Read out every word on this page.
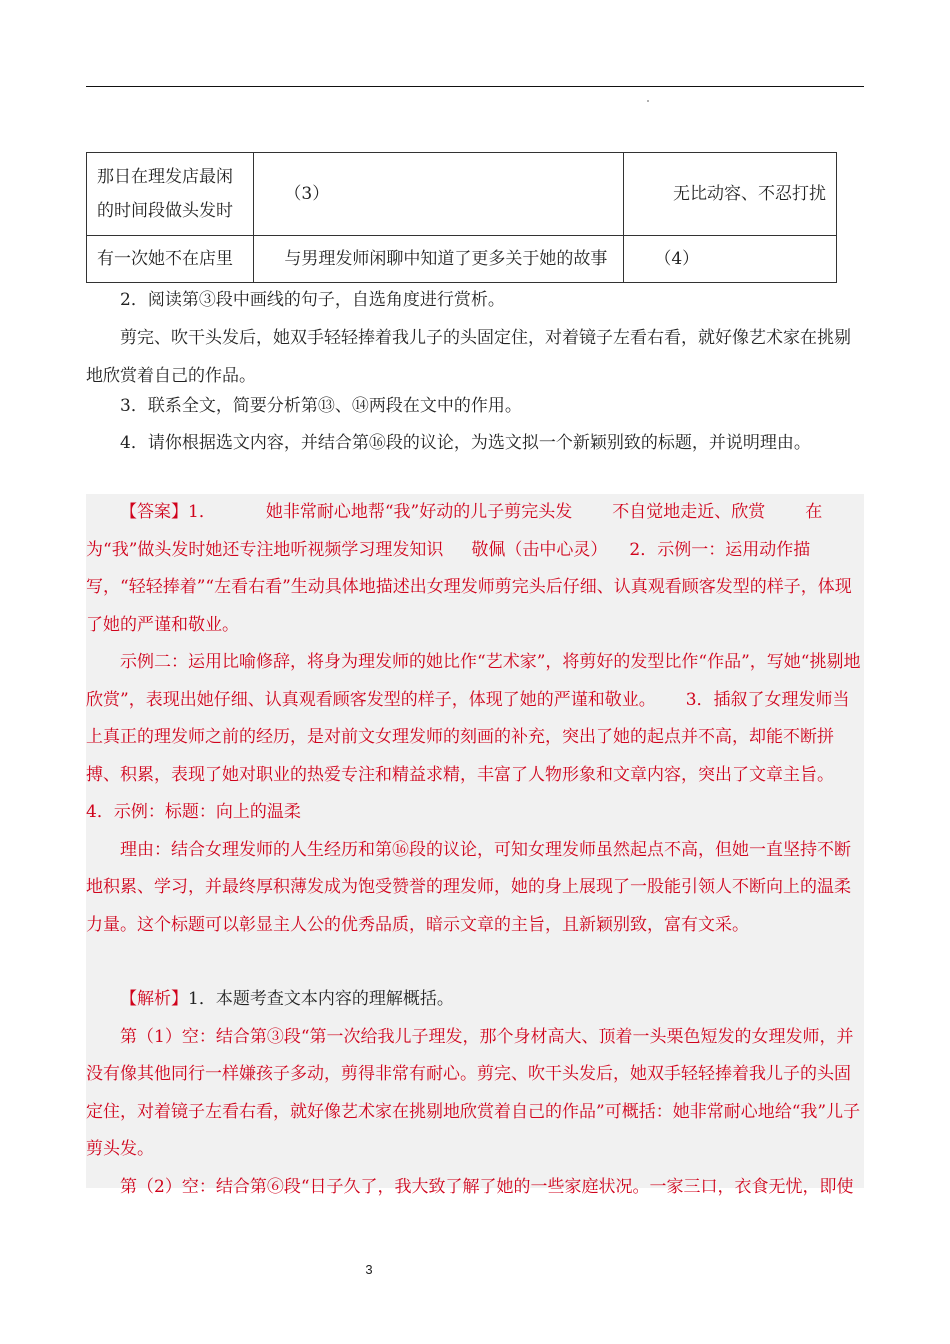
那日在理发店最闲的时间段做头发时	（3）	无比动容、不忍打扰
有一次她不在店里	与男理发师闲聊中知道了更多关于她的故事	（4）

2．阅读第③段中画线的句子，自选角度进行赏析。

剪完、吹干头发后，她双手轻轻捧着我儿子的头固定住，对着镜子左看右看，就好像艺术家在挑剔地欣赏着自己的作品。

3．联系全文，简要分析第⑬、⑭两段在文中的作用。

4．请你根据选文内容，并结合第⑯段的议论，为选文拟一个新颖别致的标题，并说明理由。

【答案】1．	她非常耐心地帮“我”好动的儿子剪完头发 不自觉地走近、欣赏 在为“我”做头发时她还专注地听视频学习理发知识 敬佩（击中心灵） 2．示例一：运用动作描写，“轻轻捧着”“左看右看”生动具体地描述出女理发师剪完头后仔细、认真观看顾客发型的样子，体现了她的严谨和敬业。

示例二：运用比喻修辞，将身为理发师的她比作“艺术家”，将剪好的发型比作“作品”，写她“挑剔地欣赏”，表现出她仔细、认真观看顾客发型的样子，体现了她的严谨和敬业。 3．插叙了女理发师当上真正的理发师之前的经历，是对前文女理发师的刻画的补充，突出了她的起点并不高，却能不断拼搏、积累，表现了她对职业的热爱专注和精益求精，丰富了人物形象和文章内容，突出了文章主旨。

4．示例：标题：向上的温柔

理由：结合女理发师的人生经历和第⑯段的议论，可知女理发师虽然起点不高，但她一直坚持不断地积累、学习，并最终厚积薄发成为饱受赞誉的理发师，她的身上展现了一股能引领人不断向上的温柔力量。这个标题可以彰显主人公的优秀品质，暗示文章的主旨，且新颖别致，富有文采。

【解析】1．本题考查文本内容的理解概括。

第（1）空：结合第③段“第一次给我儿子理发，那个身材高大、顶着一头栗色短发的女理发师，并没有像其他同行一样嫌孩子多动，剪得非常有耐心。剪完、吹干头发后，她双手轻轻捧着我儿子的头固定住，对着镜子左看右看，就好像艺术家在挑剔地欣赏着自己的作品”可概括：她非常耐心地给“我”儿子剪头发。

第（2）空：结合第⑥段“日子久了，我大致了解了她的一些家庭状况。一家三口，衣食无忧，即使

3
